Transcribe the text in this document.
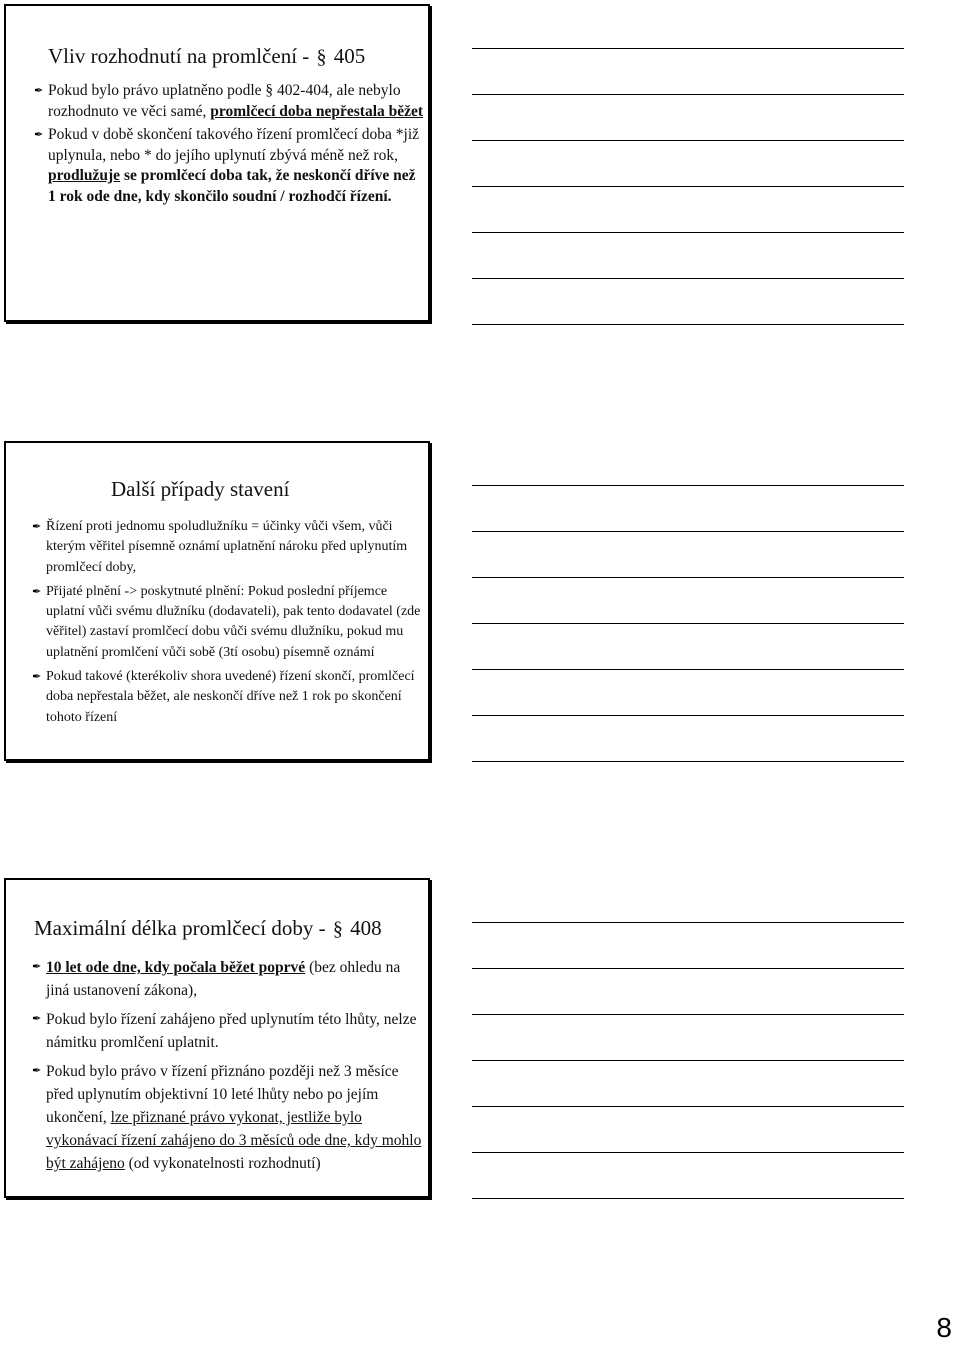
Vliv rozhodnutí na promlčení - § 405
✒ Pokud bylo právo uplatněno podle § 402-404, ale nebylo rozhodnuto ve věci samé, promlčecí doba nepřestala běžet
✒ Pokud v době skončení takového řízení promlčecí doba *již uplynula, nebo * do jejího uplynutí zbývá méně než rok, prodlužuje se promlčecí doba tak, že neskončí dříve než 1 rok ode dne, kdy skončilo soudní / rozhodčí řízení.
Další případy stavení
✒ Řízení proti jednomu spoludlužníku = účinky vůči všem, vůči kterým věřitel písemně oznámí uplatnění nároku před uplynutím promlčecí doby,
✒ Přijaté plnění -> poskytnuté plnění: Pokud poslední příjemce uplatní vůči svému dlužníku (dodavateli), pak tento dodavatel (zde věřitel) zastaví promlčecí dobu vůči svému dlužníku, pokud mu uplatnění promlčení vůči sobě (3tí osobu) písemně oznámí
✒ Pokud takové (kterékoliv shora uvedené) řízení skončí, promlčecí doba nepřestala běžet, ale neskončí dříve než 1 rok po skončení tohoto řízení
Maximální délka promlčecí doby - § 408
✒ 10 let ode dne, kdy počala běžet poprvé (bez ohledu na jiná ustanovení zákona),
✒ Pokud bylo řízení zahájeno před uplynutím této lhůty, nelze námitku promlčení uplatnit.
✒ Pokud bylo právo v řízení přiznáno později než 3 měsíce před uplynutím objektivní 10 leté lhůty nebo po jejím ukončení, lze přiznané právo vykonat, jestliže bylo vykonávací řízení zahájeno do 3 měsíců ode dne, kdy mohlo být zahájeno (od vykonatelnosti rozhodnutí)
8
